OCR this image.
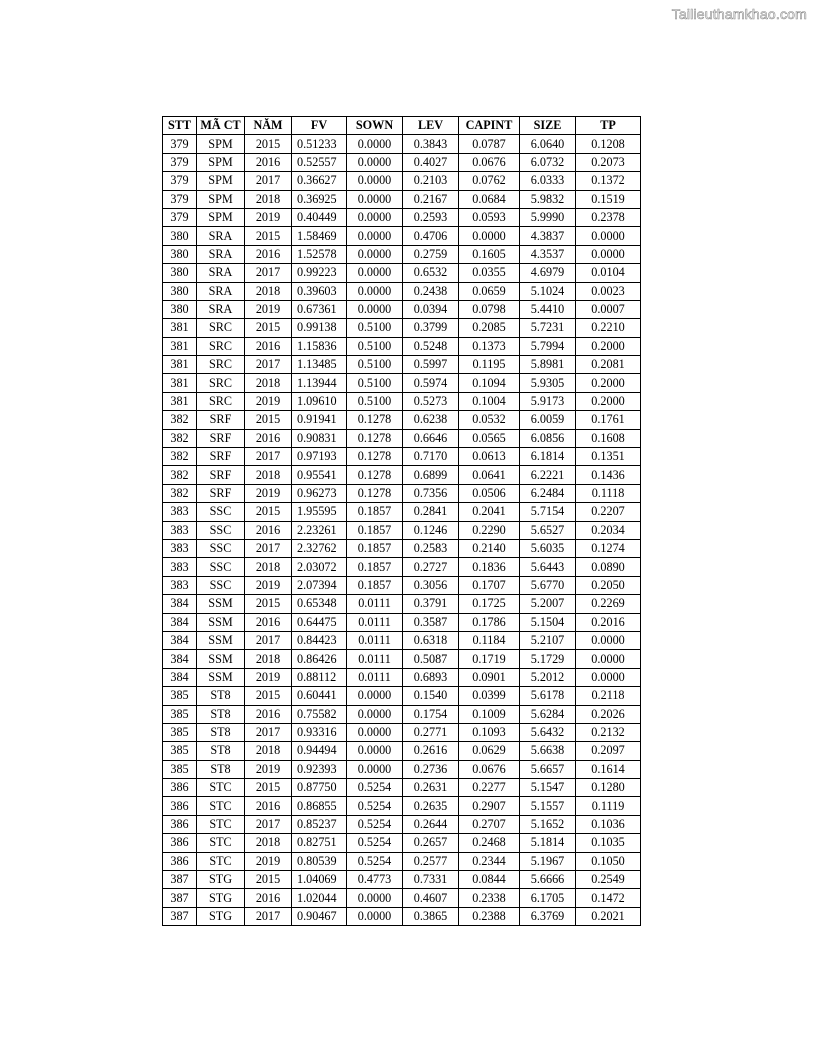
Tailieuthamkhao.com
STT	MÃ CT	NĂM	FV	SOWN	LEV	CAPINT	SIZE	TP
379	SPM	2015	0.51233	0.0000	0.3843	0.0787	6.0640	0.1208
379	SPM	2016	0.52557	0.0000	0.4027	0.0676	6.0732	0.2073
379	SPM	2017	0.36627	0.0000	0.2103	0.0762	6.0333	0.1372
379	SPM	2018	0.36925	0.0000	0.2167	0.0684	5.9832	0.1519
379	SPM	2019	0.40449	0.0000	0.2593	0.0593	5.9990	0.2378
380	SRA	2015	1.58469	0.0000	0.4706	0.0000	4.3837	0.0000
380	SRA	2016	1.52578	0.0000	0.2759	0.1605	4.3537	0.0000
380	SRA	2017	0.99223	0.0000	0.6532	0.0355	4.6979	0.0104
380	SRA	2018	0.39603	0.0000	0.2438	0.0659	5.1024	0.0023
380	SRA	2019	0.67361	0.0000	0.0394	0.0798	5.4410	0.0007
381	SRC	2015	0.99138	0.5100	0.3799	0.2085	5.7231	0.2210
381	SRC	2016	1.15836	0.5100	0.5248	0.1373	5.7994	0.2000
381	SRC	2017	1.13485	0.5100	0.5997	0.1195	5.8981	0.2081
381	SRC	2018	1.13944	0.5100	0.5974	0.1094	5.9305	0.2000
381	SRC	2019	1.09610	0.5100	0.5273	0.1004	5.9173	0.2000
382	SRF	2015	0.91941	0.1278	0.6238	0.0532	6.0059	0.1761
382	SRF	2016	0.90831	0.1278	0.6646	0.0565	6.0856	0.1608
382	SRF	2017	0.97193	0.1278	0.7170	0.0613	6.1814	0.1351
382	SRF	2018	0.95541	0.1278	0.6899	0.0641	6.2221	0.1436
382	SRF	2019	0.96273	0.1278	0.7356	0.0506	6.2484	0.1118
383	SSC	2015	1.95595	0.1857	0.2841	0.2041	5.7154	0.2207
383	SSC	2016	2.23261	0.1857	0.1246	0.2290	5.6527	0.2034
383	SSC	2017	2.32762	0.1857	0.2583	0.2140	5.6035	0.1274
383	SSC	2018	2.03072	0.1857	0.2727	0.1836	5.6443	0.0890
383	SSC	2019	2.07394	0.1857	0.3056	0.1707	5.6770	0.2050
384	SSM	2015	0.65348	0.0111	0.3791	0.1725	5.2007	0.2269
384	SSM	2016	0.64475	0.0111	0.3587	0.1786	5.1504	0.2016
384	SSM	2017	0.84423	0.0111	0.6318	0.1184	5.2107	0.0000
384	SSM	2018	0.86426	0.0111	0.5087	0.1719	5.1729	0.0000
384	SSM	2019	0.88112	0.0111	0.6893	0.0901	5.2012	0.0000
385	ST8	2015	0.60441	0.0000	0.1540	0.0399	5.6178	0.2118
385	ST8	2016	0.75582	0.0000	0.1754	0.1009	5.6284	0.2026
385	ST8	2017	0.93316	0.0000	0.2771	0.1093	5.6432	0.2132
385	ST8	2018	0.94494	0.0000	0.2616	0.0629	5.6638	0.2097
385	ST8	2019	0.92393	0.0000	0.2736	0.0676	5.6657	0.1614
386	STC	2015	0.87750	0.5254	0.2631	0.2277	5.1547	0.1280
386	STC	2016	0.86855	0.5254	0.2635	0.2907	5.1557	0.1119
386	STC	2017	0.85237	0.5254	0.2644	0.2707	5.1652	0.1036
386	STC	2018	0.82751	0.5254	0.2657	0.2468	5.1814	0.1035
386	STC	2019	0.80539	0.5254	0.2577	0.2344	5.1967	0.1050
387	STG	2015	1.04069	0.4773	0.7331	0.0844	5.6666	0.2549
387	STG	2016	1.02044	0.0000	0.4607	0.2338	6.1705	0.1472
387	STG	2017	0.90467	0.0000	0.3865	0.2388	6.3769	0.2021
